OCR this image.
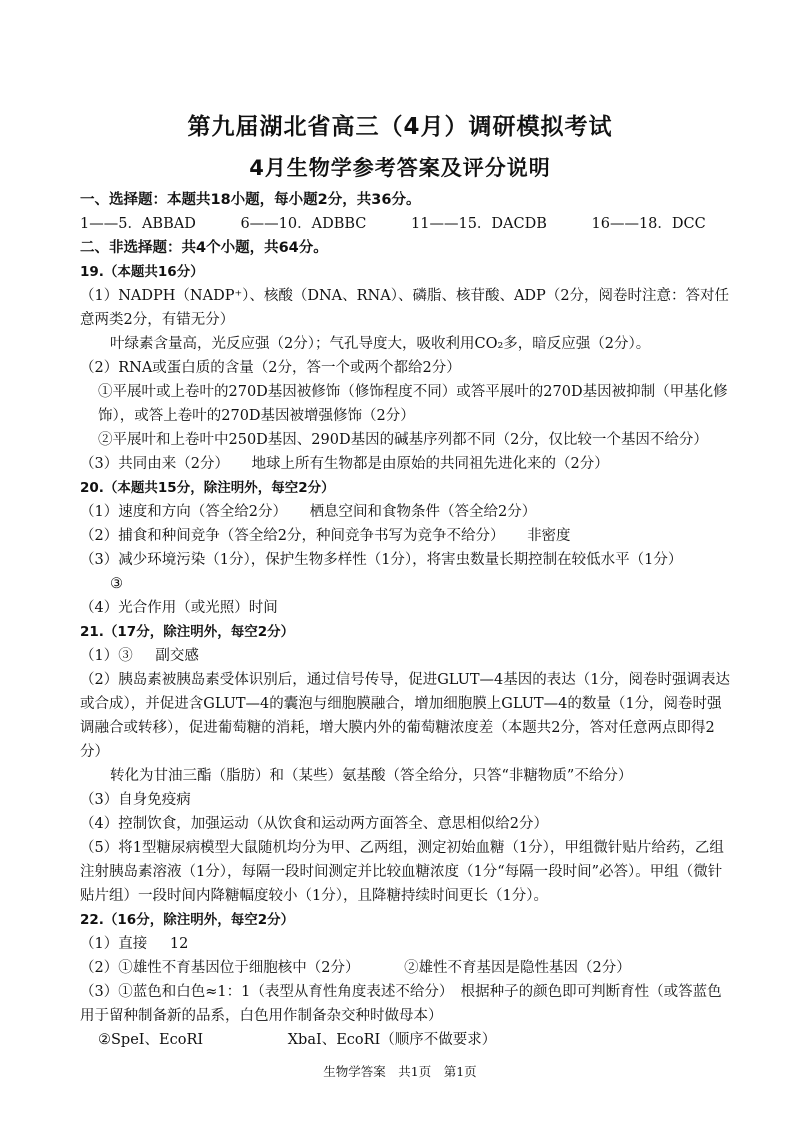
第九届湖北省高三（4月）调研模拟考试
4月生物学参考答案及评分说明
一、选择题：本题共18小题，每小题2分，共36分。
1——5．ABBAD	6——10．ADBBC	11——15．DACDB	16——18．DCC
二、非选择题：共4个小题，共64分。
19.（本题共16分）
（1）NADPH（NADP⁺）、核酸（DNA、RNA）、磷脂、核苷酸、ADP（2分，阅卷时注意：答对任意两类2分，有错无分）
叶绿素含量高，光反应强（2分）；气孔导度大，吸收利用CO₂多，暗反应强（2分）。
（2）RNA或蛋白质的含量（2分，答一个或两个都给2分）
①平展叶或上卷叶的270D基因被修饰（修饰程度不同）或答平展叶的270D基因被抑制（甲基化修饰），或答上卷叶的270D基因被增强修饰（2分）
②平展叶和上卷叶中250D基因、290D基因的碱基序列都不同（2分，仅比较一个基因不给分）
（3）共同由来（2分） 地球上所有生物都是由原始的共同祖先进化来的（2分）
20.（本题共15分，除注明外，每空2分）
（1）速度和方向（答全给2分） 栖息空间和食物条件（答全给2分）
（2）捕食和种间竞争（答全给2分，种间竞争书写为竞争不给分） 非密度
（3）减少环境污染（1分），保护生物多样性（1分），将害虫数量长期控制在较低水平（1分）
③
（4）光合作用（或光照）时间
21.（17分，除注明外，每空2分）
（1）③ 副交感
（2）胰岛素被胰岛素受体识别后，通过信号传导，促进GLUT—4基因的表达（1分，阅卷时强调表达或合成），并促进含GLUT—4的囊泡与细胞膜融合，增加细胞膜上GLUT—4的数量（1分，阅卷时强调融合或转移），促进葡萄糖的消耗，增大膜内外的葡萄糖浓度差（本题共2分，答对任意两点即得2分）
转化为甘油三酯（脂肪）和（某些）氨基酸（答全给分，只答“非糖物质”不给分）
（3）自身免疫病
（4）控制饮食，加强运动（从饮食和运动两方面答全、意思相似给2分）
（5）将1型糖尿病模型大鼠随机均分为甲、乙两组，测定初始血糖（1分），甲组微针贴片给药，乙组注射胰岛素溶液（1分），每隔一段时间测定并比较血糖浓度（1分“每隔一段时间”必答）。甲组（微针贴片组）一段时间内降糖幅度较小（1分），且降糖持续时间更长（1分）。
22.（16分，除注明外，每空2分）
（1）直接 12
（2）①雄性不育基因位于细胞核中（2分）	②雄性不育基因是隐性基因（2分）
（3）①蓝色和白色≈1：1（表型从育性角度表述不给分）　根据种子的颜色即可判断育性（或答蓝色用于留种制备新的品系，白色用作制备杂交种时做母本）
②SpeⅠ、EcoRⅠ	XbaⅠ、EcoRⅠ（顺序不做要求）
生物学答案　共1页　第1页
